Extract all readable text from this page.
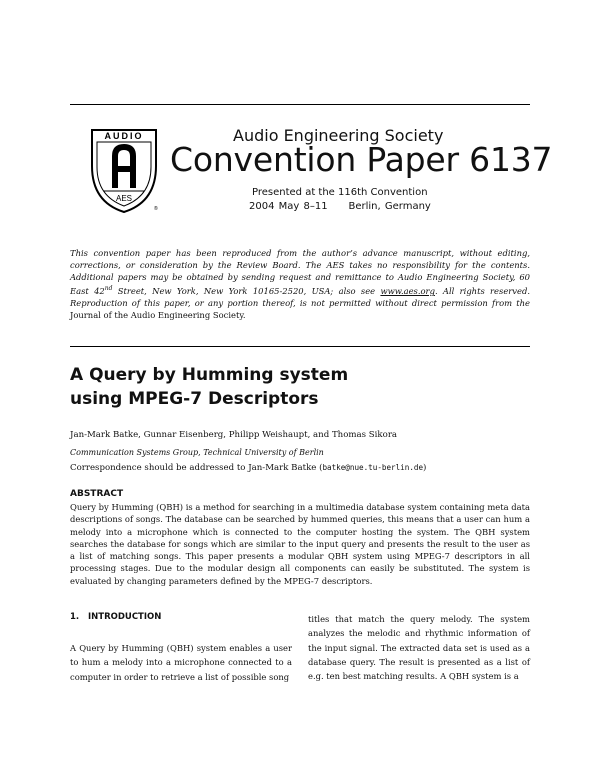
AUDIO
AES
®
Audio Engineering Society
Convention Paper 6137
Presented at the 116th Convention
2004 May 8–11 Berlin, Germany
This convention paper has been reproduced from the author’s advance manuscript, without editing, corrections, or consideration by the Review Board. The AES takes no responsibility for the contents. Additional papers may be obtained by sending request and remittance to Audio Engineering Society, 60 East 42nd Street, New York, New York 10165-2520, USA; also see www.aes.org. All rights reserved. Reproduction of this paper, or any portion thereof, is not permitted without direct permission from the Journal of the Audio Engineering Society.
A Query by Humming system
using MPEG-7 Descriptors
Jan-Mark Batke, Gunnar Eisenberg, Philipp Weishaupt, and Thomas Sikora
Communication Systems Group, Technical University of Berlin
Correspondence should be addressed to Jan-Mark Batke (batke@nue.tu-berlin.de)
ABSTRACT
Query by Humming (QBH) is a method for searching in a multimedia database system containing meta data descriptions of songs. The database can be searched by hummed queries, this means that a user can hum a melody into a microphone which is connected to the computer hosting the system. The QBH system searches the database for songs which are similar to the input query and presents the result to the user as a list of matching songs. This paper presents a modular QBH system using MPEG-7 descriptors in all processing stages. Due to the modular design all components can easily be substituted. The system is evaluated by changing parameters defined by the MPEG-7 descriptors.
1.   INTRODUCTION
A Query by Humming (QBH) system enables a user to hum a melody into a microphone connected to a computer in order to retrieve a list of possible song
titles that match the query melody. The system analyzes the melodic and rhythmic information of the input signal. The extracted data set is used as a database query. The result is presented as a list of e.g. ten best matching results. A QBH system is a
